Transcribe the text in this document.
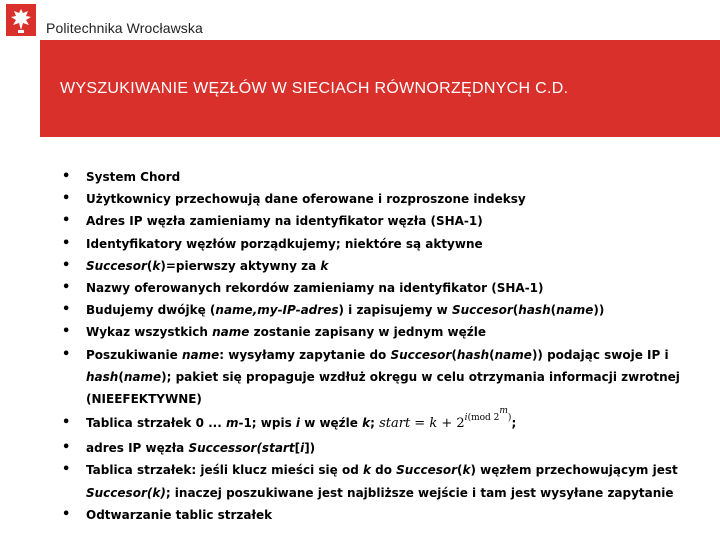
Politechnika Wrocławska
WYSZUKIWANIE WĘZŁÓW W SIECIACH RÓWNORZĘDNYCH C.D.
•
System Chord
•
Użytkownicy przechowują dane oferowane i rozproszone indeksy
•
Adres IP węzła zamieniamy na identyfikator węzła (SHA-1)
•
Identyfikatory węzłów porządkujemy; niektóre są aktywne
•
Succesor(k)=pierwszy aktywny za k
•
Nazwy oferowanych rekordów zamieniamy na identyfikator (SHA-1)
•
Budujemy dwójkę (name,my-IP-adres) i zapisujemy w Succesor(hash(name))
•
Wykaz wszystkich name zostanie zapisany w jednym węźle
•
Poszukiwanie name: wysyłamy zapytanie do Succesor(hash(name)) podając swoje IP i
hash(name); pakiet się propaguje wzdłuż okręgu w celu otrzymania informacji zwrotnej
(NIEEFEKTYWNE)
•
Tablica strzałek 0 ... m-1; wpis i w węźle k; start = $k + 2^{i(mod 2^m)}$;
•
adres IP węzła Successor(start[i])
•
Tablica strzałek: jeśli klucz mieści się od k do Succesor(k) węzłem przechowującym jest
Succesor(k); inaczej poszukiwane jest najbliższe wejście i tam jest wysyłane zapytanie
•
Odtwarzanie tablic strzałek
